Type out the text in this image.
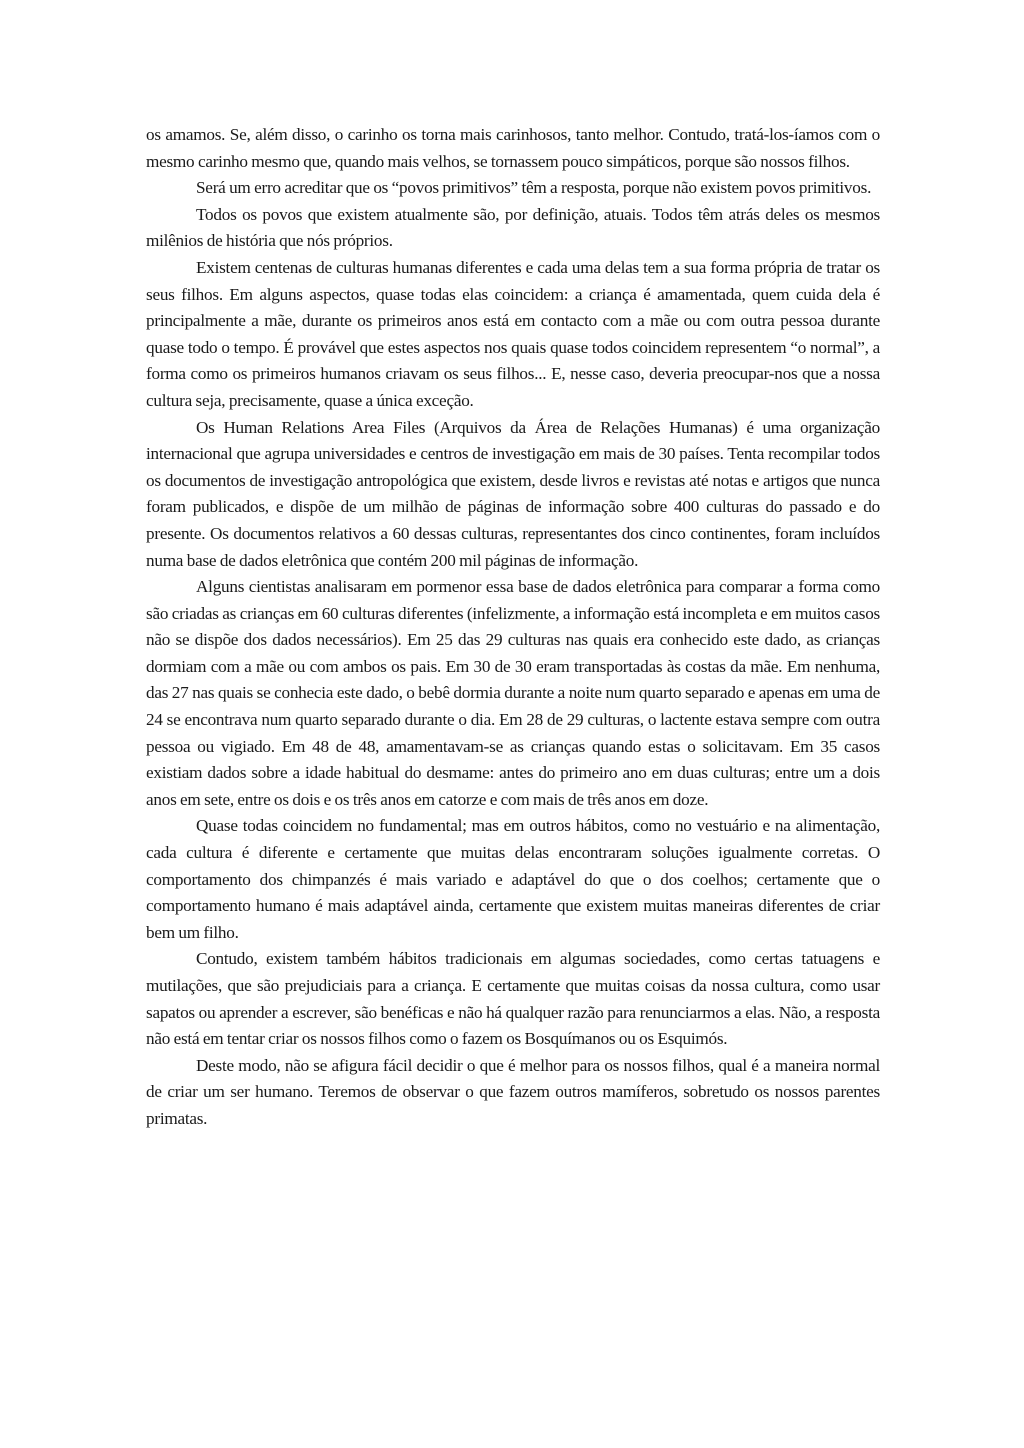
os amamos. Se, além disso, o carinho os torna mais carinhosos, tanto melhor. Contudo, tratá-los-íamos com o mesmo carinho mesmo que, quando mais velhos, se tornassem pouco simpáticos, porque são nossos filhos.

Será um erro acreditar que os “povos primitivos” têm a resposta, porque não existem povos primitivos.

Todos os povos que existem atualmente são, por definição, atuais. Todos têm atrás deles os mesmos milênios de história que nós próprios.

Existem centenas de culturas humanas diferentes e cada uma delas tem a sua forma própria de tratar os seus filhos. Em alguns aspectos, quase todas elas coincidem: a criança é amamentada, quem cuida dela é principalmente a mãe, durante os primeiros anos está em contacto com a mãe ou com outra pessoa durante quase todo o tempo. É provável que estes aspectos nos quais quase todos coincidem representem “o normal”, a forma como os primeiros humanos criavam os seus filhos... E, nesse caso, deveria preocupar-nos que a nossa cultura seja, precisamente, quase a única exceção.

Os Human Relations Area Files (Arquivos da Área de Relações Humanas) é uma organização internacional que agrupa universidades e centros de investigação em mais de 30 países. Tenta recompilar todos os documentos de investigação antropológica que existem, desde livros e revistas até notas e artigos que nunca foram publicados, e dispõe de um milhão de páginas de informação sobre 400 culturas do passado e do presente. Os documentos relativos a 60 dessas culturas, representantes dos cinco continentes, foram incluídos numa base de dados eletrônica que contém 200 mil páginas de informação.

Alguns cientistas analisaram em pormenor essa base de dados eletrônica para comparar a forma como são criadas as crianças em 60 culturas diferentes (infelizmente, a informação está incompleta e em muitos casos não se dispõe dos dados necessários). Em 25 das 29 culturas nas quais era conhecido este dado, as crianças dormiam com a mãe ou com ambos os pais. Em 30 de 30 eram transportadas às costas da mãe. Em nenhuma, das 27 nas quais se conhecia este dado, o bebê dormia durante a noite num quarto separado e apenas em uma de 24 se encontrava num quarto separado durante o dia. Em 28 de 29 culturas, o lactente estava sempre com outra pessoa ou vigiado. Em 48 de 48, amamentavam-se as crianças quando estas o solicitavam. Em 35 casos existiam dados sobre a idade habitual do desmame: antes do primeiro ano em duas culturas; entre um a dois anos em sete, entre os dois e os três anos em catorze e com mais de três anos em doze.

Quase todas coincidem no fundamental; mas em outros hábitos, como no vestuário e na alimentação, cada cultura é diferente e certamente que muitas delas encontraram soluções igualmente corretas. O comportamento dos chimpanzés é mais variado e adaptável do que o dos coelhos; certamente que o comportamento humano é mais adaptável ainda, certamente que existem muitas maneiras diferentes de criar bem um filho.

Contudo, existem também hábitos tradicionais em algumas sociedades, como certas tatuagens e mutilações, que são prejudiciais para a criança. E certamente que muitas coisas da nossa cultura, como usar sapatos ou aprender a escrever, são benéficas e não há qualquer razão para renunciarmos a elas. Não, a resposta não está em tentar criar os nossos filhos como o fazem os Bosquímanos ou os Esquimós.

Deste modo, não se afigura fácil decidir o que é melhor para os nossos filhos, qual é a maneira normal de criar um ser humano. Teremos de observar o que fazem outros mamíferos, sobretudo os nossos parentes primatas.
